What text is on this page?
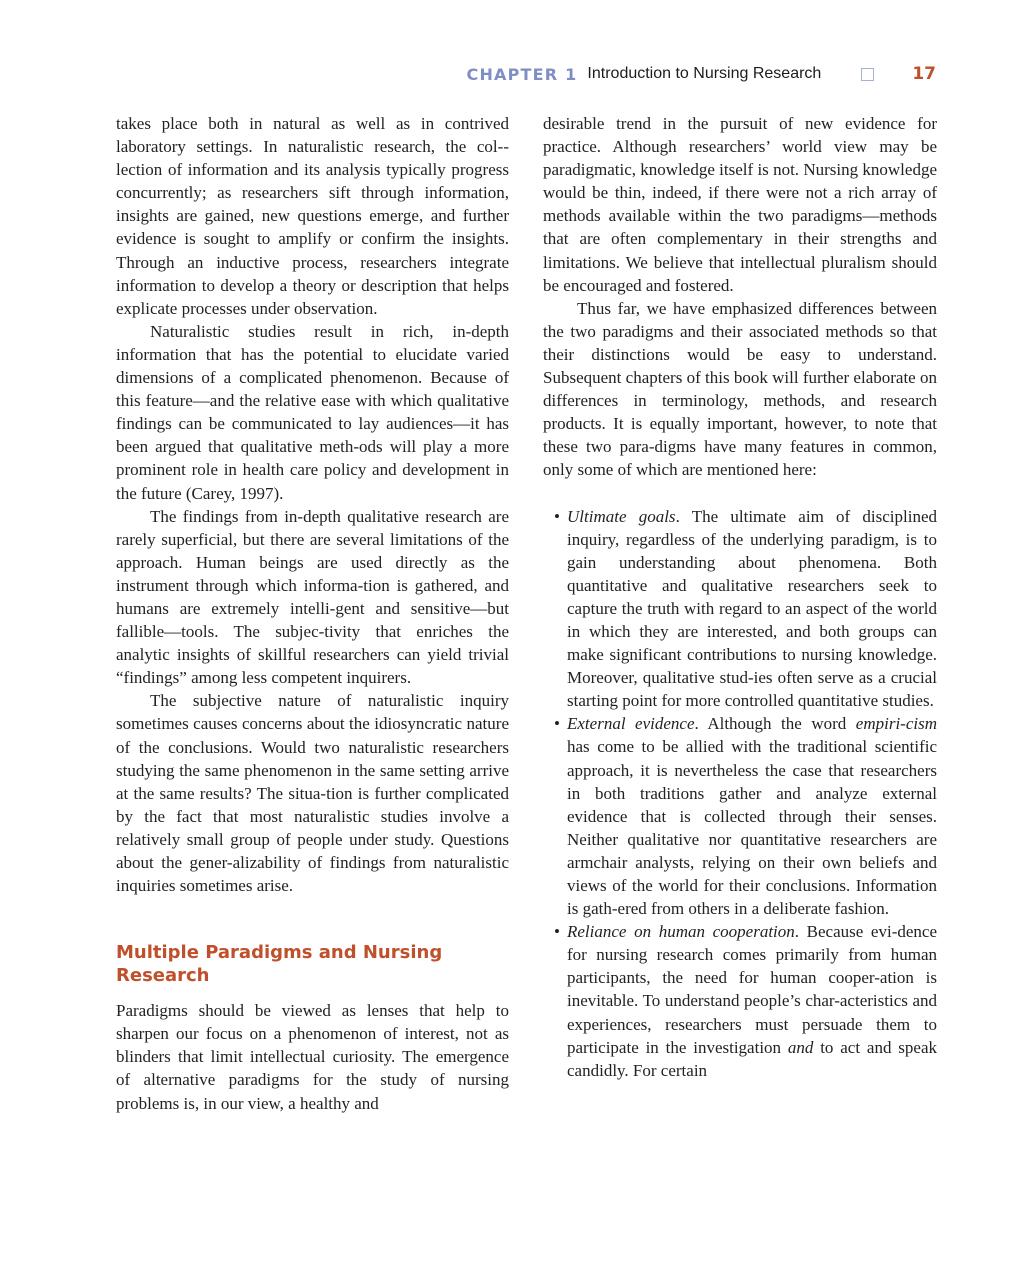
CHAPTER 1 Introduction to Nursing Research	17

takes place both in natural as well as in contrived laboratory settings. In naturalistic research, the col-lection of information and its analysis typically progress concurrently; as researchers sift through information, insights are gained, new questions emerge, and further evidence is sought to amplify or confirm the insights. Through an inductive process, researchers integrate information to develop a theory or description that helps explicate processes under observation.

Naturalistic studies result in rich, in-depth information that has the potential to elucidate varied dimensions of a complicated phenomenon. Because of this feature—and the relative ease with which qualitative findings can be communicated to lay audiences—it has been argued that qualitative meth-ods will play a more prominent role in health care policy and development in the future (Carey, 1997).

The findings from in-depth qualitative research are rarely superficial, but there are several limitations of the approach. Human beings are used directly as the instrument through which informa-tion is gathered, and humans are extremely intelli-gent and sensitive—but fallible—tools. The subjec-tivity that enriches the analytic insights of skillful researchers can yield trivial “findings” among less competent inquirers.

The subjective nature of naturalistic inquiry sometimes causes concerns about the idiosyncratic nature of the conclusions. Would two naturalistic researchers studying the same phenomenon in the same setting arrive at the same results? The situa-tion is further complicated by the fact that most naturalistic studies involve a relatively small group of people under study. Questions about the gener-alizability of findings from naturalistic inquiries sometimes arise.

Multiple Paradigms and Nursing
Research

Paradigms should be viewed as lenses that help to sharpen our focus on a phenomenon of interest, not as blinders that limit intellectual curiosity. The emergence of alternative paradigms for the study of nursing problems is, in our view, a healthy and

desirable trend in the pursuit of new evidence for practice. Although researchers’ world view may be paradigmatic, knowledge itself is not. Nursing knowledge would be thin, indeed, if there were not a rich array of methods available within the two paradigms—methods that are often complementary in their strengths and limitations. We believe that intellectual pluralism should be encouraged and fostered.

Thus far, we have emphasized differences between the two paradigms and their associated methods so that their distinctions would be easy to understand. Subsequent chapters of this book will further elaborate on differences in terminology, methods, and research products. It is equally important, however, to note that these two para-digms have many features in common, only some of which are mentioned here:

• Ultimate goals. The ultimate aim of disciplined inquiry, regardless of the underlying paradigm, is to gain understanding about phenomena. Both quantitative and qualitative researchers seek to capture the truth with regard to an aspect of the world in which they are interested, and both groups can make significant contributions to nursing knowledge. Moreover, qualitative stud-ies often serve as a crucial starting point for more controlled quantitative studies.
• External evidence. Although the word empiri-cism has come to be allied with the traditional scientific approach, it is nevertheless the case that researchers in both traditions gather and analyze external evidence that is collected through their senses. Neither qualitative nor quantitative researchers are armchair analysts, relying on their own beliefs and views of the world for their conclusions. Information is gath-ered from others in a deliberate fashion.
• Reliance on human cooperation. Because evi-dence for nursing research comes primarily from human participants, the need for human cooper-ation is inevitable. To understand people’s char-acteristics and experiences, researchers must persuade them to participate in the investigation and to act and speak candidly. For certain
